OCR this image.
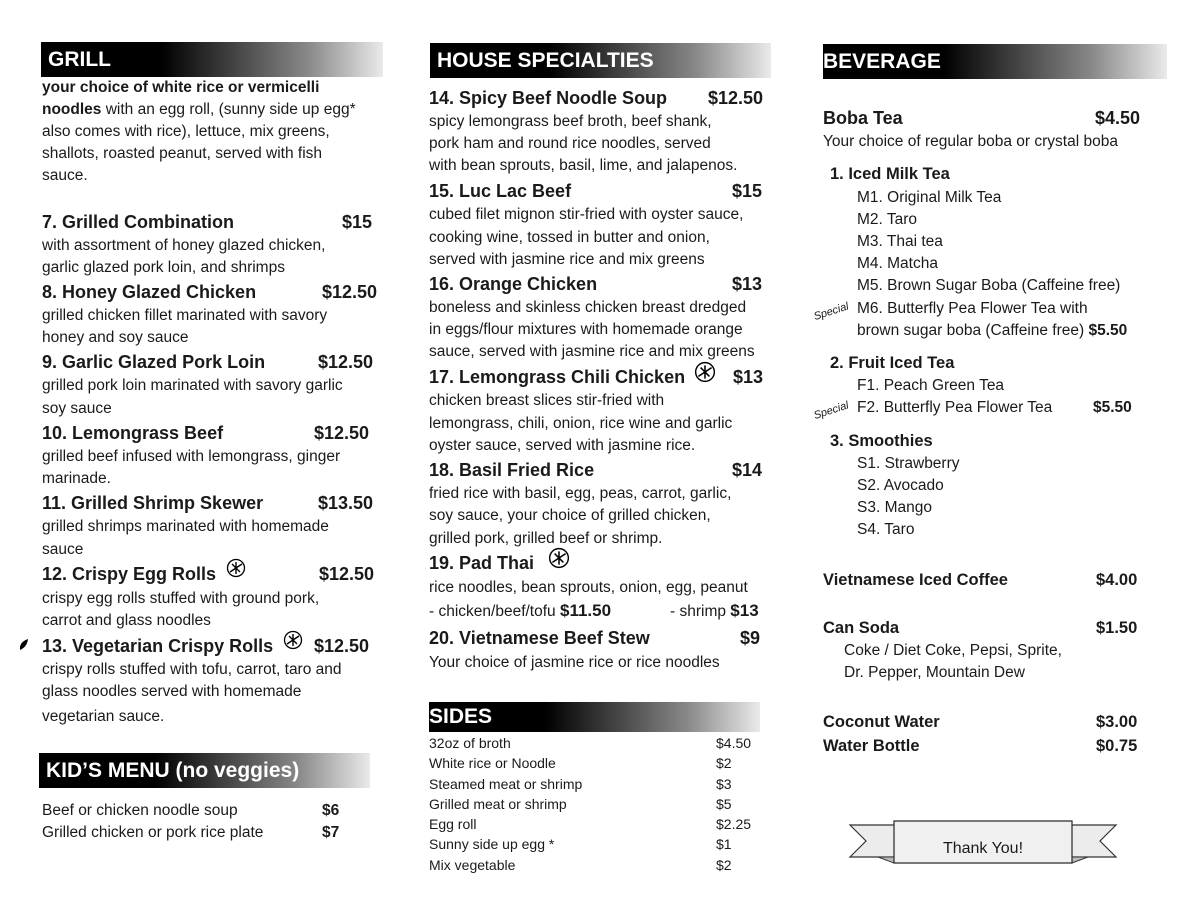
GRILL
your choice of white rice or vermicelli
noodles with an egg roll, (sunny side up egg*
also comes with rice), lettuce, mix greens,
shallots, roasted peanut, served with fish
sauce.
7. Grilled Combination	$15
with assortment of honey glazed chicken,
garlic glazed pork loin, and shrimps
8. Honey Glazed Chicken	$12.50
grilled chicken fillet marinated with savory
honey and soy sauce
9. Garlic Glazed Pork Loin	$12.50
grilled pork loin marinated with savory garlic
soy sauce
10. Lemongrass Beef	$12.50
grilled beef infused with lemongrass, ginger
marinade.
11. Grilled Shrimp Skewer	$13.50
grilled shrimps marinated with homemade
sauce
12. Crispy Egg Rolls	$12.50
crispy egg rolls stuffed with ground pork,
carrot and glass noodles
13. Vegetarian Crispy Rolls $12.50
crispy rolls stuffed with tofu, carrot, taro and
glass noodles served with homemade
vegetarian sauce.
KID’S MENU (no veggies)
Beef or chicken noodle soup	$6
Grilled chicken or pork rice plate	$7
HOUSE SPECIALTIES
14. Spicy Beef Noodle Soup $12.50
spicy lemongrass beef broth, beef shank,
pork ham and round rice noodles, served
with bean sprouts, basil, lime, and jalapenos.
15. Luc Lac Beef	$15
cubed filet mignon stir-fried with oyster sauce,
cooking wine, tossed in butter and onion,
served with jasmine rice and mix greens
16. Orange Chicken	$13
boneless and skinless chicken breast dredged
in eggs/flour mixtures with homemade orange
sauce, served with jasmine rice and mix greens
17. Lemongrass Chili Chicken	$13
chicken breast slices stir-fried with
lemongrass, chili, onion, rice wine and garlic
oyster sauce, served with jasmine rice.
18. Basil Fried Rice	$14
fried rice with basil, egg, peas, carrot, garlic,
soy sauce, your choice of grilled chicken,
grilled pork, grilled beef or shrimp.
19. Pad Thai
rice noodles, bean sprouts, onion, egg, peanut
- chicken/beef/tofu $11.50	- shrimp $13
20. Vietnamese Beef Stew	$9
Your choice of jasmine rice or rice noodles
SIDES
32oz of broth	$4.50
White rice or Noodle	$2
Steamed meat or shrimp	$3
Grilled meat or shrimp	$5
Egg roll	$2.25
Sunny side up egg *	$1
Mix vegetable	$2
BEVERAGE
Boba Tea	$4.50
Your choice of regular boba or crystal boba
1. Iced Milk Tea
M1. Original Milk Tea
M2. Taro
M3. Thai tea
M4. Matcha
M5. Brown Sugar Boba (Caffeine free)
Special M6. Butterfly Pea Flower Tea with
brown sugar boba (Caffeine free) $5.50
2. Fruit Iced Tea
F1. Peach Green Tea
Special F2. Butterfly Pea Flower Tea	$5.50
3. Smoothies
S1. Strawberry
S2. Avocado
S3. Mango
S4. Taro
Vietnamese Iced Coffee	$4.00
Can Soda	$1.50
Coke / Diet Coke, Pepsi, Sprite,
Dr. Pepper, Mountain Dew
Coconut Water	$3.00
Water Bottle	$0.75
Thank You!
